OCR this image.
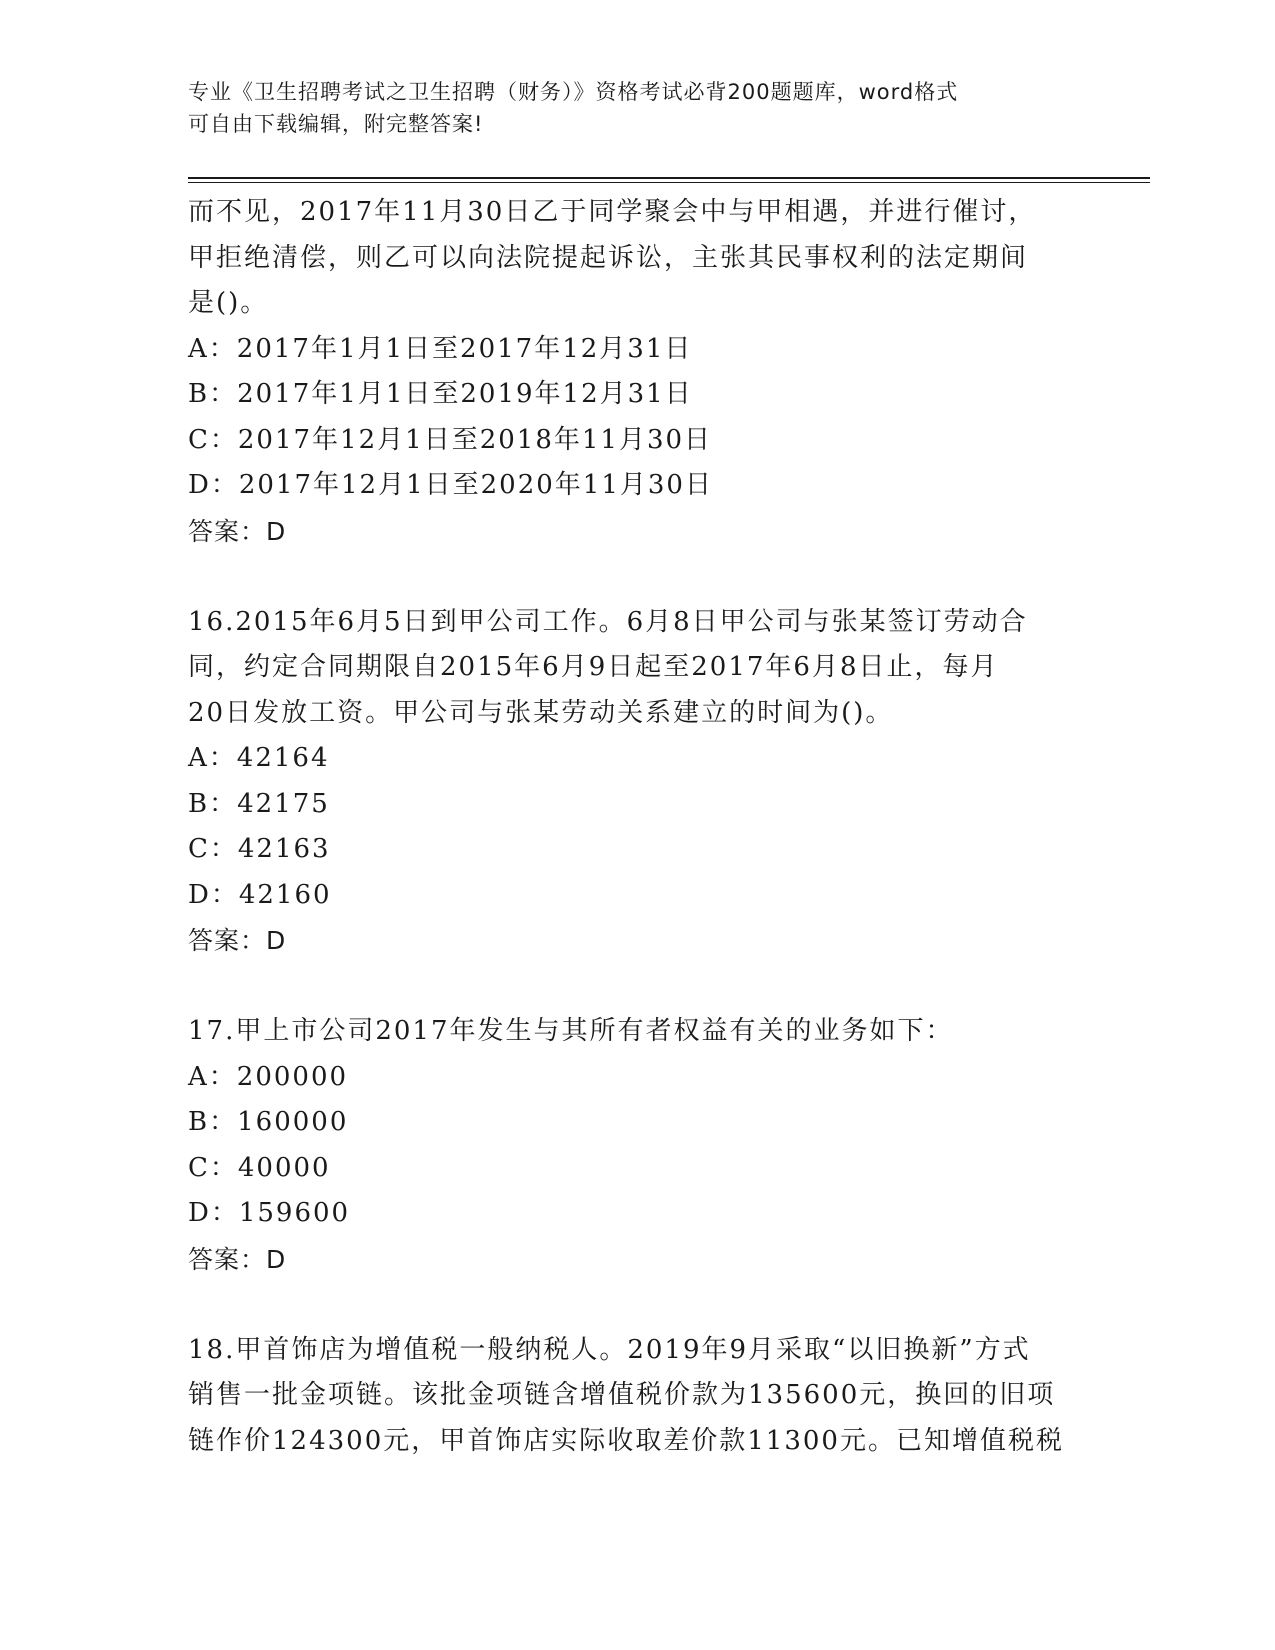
专业《卫生招聘考试之卫生招聘（财务）》资格考试必背200题题库，word格式
可自由下载编辑，附完整答案!
而不见，2017年11月30日乙于同学聚会中与甲相遇，并进行催讨，
甲拒绝清偿，则乙可以向法院提起诉讼，主张其民事权利的法定期间
是()。
A：2017年1月1日至2017年12月31日
B：2017年1月1日至2019年12月31日
C：2017年12月1日至2018年11月30日
D：2017年12月1日至2020年11月30日
答案：D
16.2015年6月5日到甲公司工作。6月8日甲公司与张某签订劳动合
同，约定合同期限自2015年6月9日起至2017年6月8日止，每月
20日发放工资。甲公司与张某劳动关系建立的时间为()。
A：42164
B：42175
C：42163
D：42160
答案：D
17.甲上市公司2017年发生与其所有者权益有关的业务如下：
A：200000
B：160000
C：40000
D：159600
答案：D
18.甲首饰店为增值税一般纳税人。2019年9月采取“以旧换新”方式
销售一批金项链。该批金项链含增值税价款为135600元，换回的旧项
链作价124300元，甲首饰店实际收取差价款11300元。已知增值税税
